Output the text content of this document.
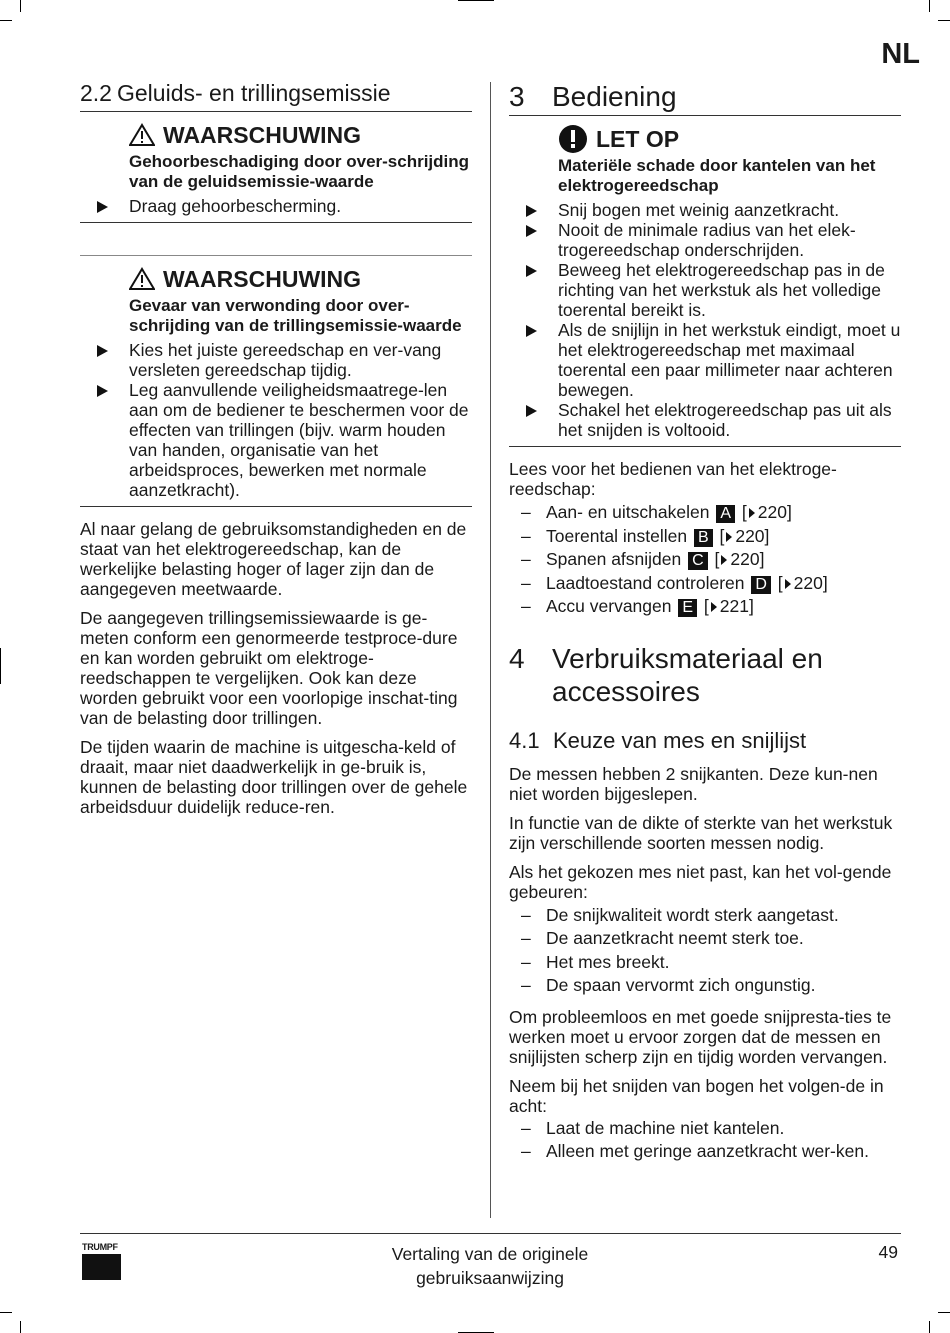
NL
2.2 Geluids- en trillingsemissie
WAARSCHUWING
Gehoorbeschadiging door over-schrijding van de geluidsemissie-waarde
Draag gehoorbescherming.
WAARSCHUWING
Gevaar van verwonding door over-schrijding van de trillingsemissie-waarde
Kies het juiste gereedschap en ver-vang versleten gereedschap tijdig.
Leg aanvullende veiligheidsmaatrege-len aan om de bediener te beschermen voor de effecten van trillingen (bijv. warm houden van handen, organisatie van het arbeidsproces, bewerken met normale aanzetkracht).

Al naar gelang de gebruiksomstandigheden en de staat van het elektrogereedschap, kan de werkelijke belasting hoger of lager zijn dan de aangegeven meetwaarde.

De aangegeven trillingsemissiewaarde is ge-meten conform een genormeerde testproce-dure en kan worden gebruikt om elektroge-reedschappen te vergelijken. Ook kan deze worden gebruikt voor een voorlopige inschat-ting van de belasting door trillingen.

De tijden waarin de machine is uitgescha-keld of draait, maar niet daadwerkelijk in ge-bruik is, kunnen de belasting door trillingen over de gehele arbeidsduur duidelijk reduce-ren.

3 Bediening
LET OP
Materiële schade door kantelen van het elektrogereedschap
Snij bogen met weinig aanzetkracht.
Nooit de minimale radius van het elek-trogereedschap onderschrijden.
Beweeg het elektrogereedschap pas in de richting van het werkstuk als het volledige toerental bereikt is.
Als de snijlijn in het werkstuk eindigt, moet u het elektrogereedschap met maximaal toerental een paar millimeter naar achteren bewegen.
Schakel het elektrogereedschap pas uit als het snijden is voltooid.

Lees voor het bedienen van het elektroge-reedschap:

– Aan- en uitschakelen A [ 220]
– Toerental instellen B [ 220]
– Spanen afsnijden C [ 220]
– Laadtoestand controleren D [ 220]
– Accu vervangen E [ 221]
4 Verbruiksmateriaal en accessoires
4.1 Keuze van mes en snijlijst

De messen hebben 2 snijkanten. Deze kun-nen niet worden bijgeslepen.

In functie van de dikte of sterkte van het werkstuk zijn verschillende soorten messen nodig.

Als het gekozen mes niet past, kan het vol-gende gebeuren:

– De snijkwaliteit wordt sterk aangetast.
– De aanzetkracht neemt sterk toe.
– Het mes breekt.
– De spaan vervormt zich ongunstig.

Om probleemloos en met goede snijpresta-ties te werken moet u ervoor zorgen dat de messen en snijlijsten scherp zijn en tijdig worden vervangen.

Neem bij het snijden van bogen het volgen-de in acht:

– Laat de machine niet kantelen.
– Alleen met geringe aanzetkracht wer-ken.
TRUMPF	Vertaling van de originele
gebruiksaanwijzing
49
